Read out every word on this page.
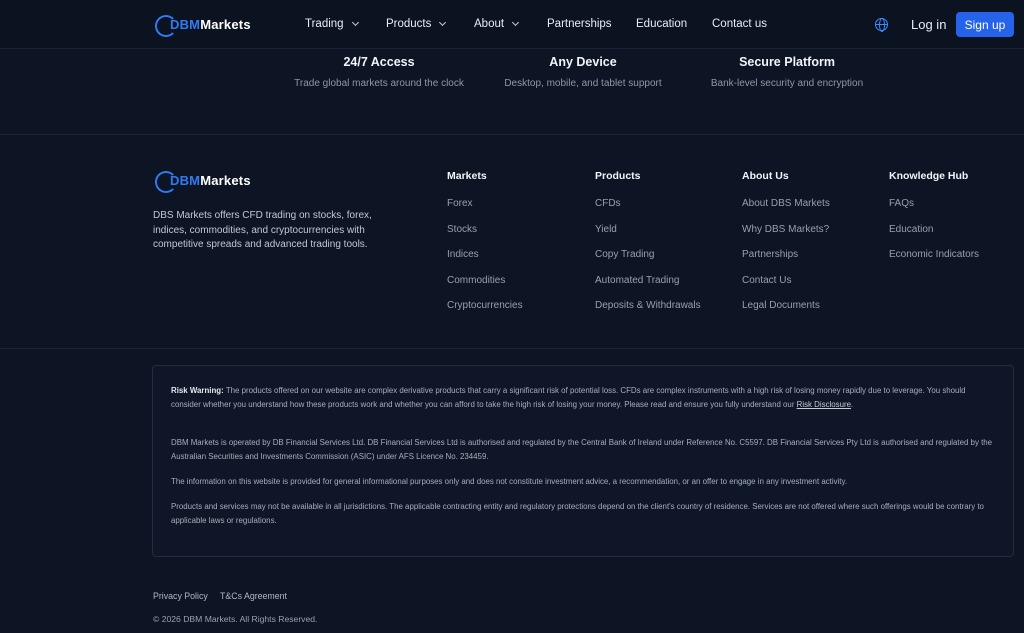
DBMMarkets	Trading	Products	About	Partnerships Education Contact us	Log in	Sign up
24/7 Access
Trade global markets around the clock
Any Device
Desktop, mobile, and tablet support
Secure Platform
Bank-level security and encryption
DBMMarkets
DBS Markets offers CFD trading on stocks, forex, indices, commodities, and cryptocurrencies with competitive spreads and advanced trading tools.
Markets
Forex
Stocks
Indices
Commodities
Cryptocurrencies
Products
CFDs
Yield
Copy Trading
Automated Trading
Deposits & Withdrawals
About Us
About DBS Markets
Why DBS Markets?
Partnerships
Contact Us
Legal Documents
Knowledge Hub
FAQs
Education
Economic Indicators

Risk Warning: The products offered on our website are complex derivative products that carry a significant risk of potential loss. CFDs are complex instruments with a high risk of losing money rapidly due to leverage. You should consider whether you understand how these products work and whether you can afford to take the high risk of losing your money. Please read and ensure you fully understand our Risk Disclosure.

DBM Markets is operated by DB Financial Services Ltd. DB Financial Services Ltd is authorised and regulated by the Central Bank of Ireland under Reference No. C5597. DB Financial Services Pty Ltd is authorised and regulated by the Australian Securities and Investments Commission (ASIC) under AFS Licence No. 234459.

The information on this website is provided for general informational purposes only and does not constitute investment advice, a recommendation, or an offer to engage in any investment activity.

Products and services may not be available in all jurisdictions. The applicable contracting entity and regulatory protections depend on the client's country of residence. Services are not offered where such offerings would be contrary to applicable laws or regulations.

Privacy Policy T&Cs Agreement
© 2026 DBM Markets. All Rights Reserved.
